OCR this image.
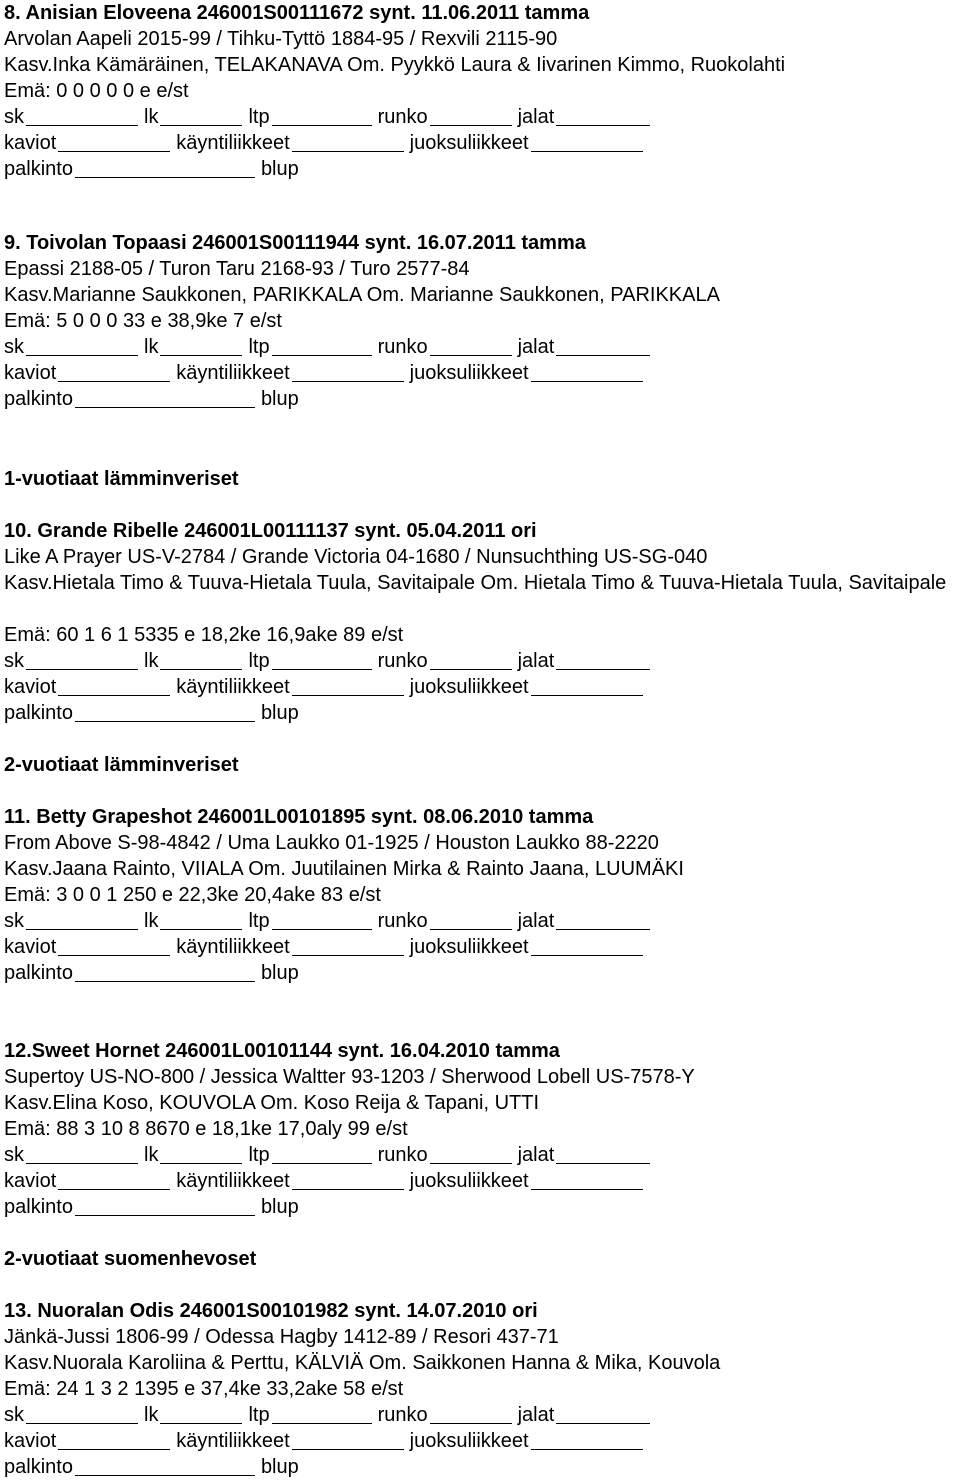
8. Anisian Eloveena 246001S00111672 synt. 11.06.2011 tamma
Arvolan Aapeli 2015-99 / Tihku-Tyttö 1884-95 / Rexvili 2115-90
Kasv.Inka Kämäräinen, TELAKANAVA Om. Pyykkö Laura & Iivarinen Kimmo, Ruokolahti
Emä: 0 0 0 0 0 e e/st
sk	lk	ltp	runko	jalat
kaviot	käyntiliikkeet	juoksuliikkeet
palkinto	blup
9. Toivolan Topaasi 246001S00111944 synt. 16.07.2011 tamma
Epassi 2188-05 / Turon Taru 2168-93 / Turo 2577-84
Kasv.Marianne Saukkonen, PARIKKALA Om. Marianne Saukkonen, PARIKKALA
Emä: 5 0 0 0 33 e 38,9ke 7 e/st
sk	lk	ltp	runko	jalat
kaviot	käyntiliikkeet	juoksuliikkeet
palkinto	blup
1-vuotiaat lämminveriset
10. Grande Ribelle 246001L00111137 synt. 05.04.2011 ori
Like A Prayer US-V-2784 / Grande Victoria 04-1680 / Nunsuchthing US-SG-040
Kasv.Hietala Timo & Tuuva-Hietala Tuula, Savitaipale Om. Hietala Timo & Tuuva-Hietala Tuula, Savitaipale
Emä: 60 1 6 1 5335 e 18,2ke 16,9ake 89 e/st
sk	lk	ltp	runko	jalat
kaviot	käyntiliikkeet	juoksuliikkeet
palkinto	blup
2-vuotiaat lämminveriset
11. Betty Grapeshot 246001L00101895 synt. 08.06.2010 tamma
From Above S-98-4842 / Uma Laukko 01-1925 / Houston Laukko 88-2220
Kasv.Jaana Rainto, VIIALA Om. Juutilainen Mirka & Rainto Jaana, LUUMÄKI
Emä: 3 0 0 1 250 e 22,3ke 20,4ake 83 e/st
sk	lk	ltp	runko	jalat
kaviot	käyntiliikkeet	juoksuliikkeet
palkinto	blup
12.Sweet Hornet 246001L00101144 synt. 16.04.2010 tamma
Supertoy US-NO-800 / Jessica Waltter 93-1203 / Sherwood Lobell US-7578-Y
Kasv.Elina Koso, KOUVOLA Om. Koso Reija & Tapani, UTTI
Emä: 88 3 10 8 8670 e 18,1ke 17,0aly 99 e/st
sk	lk	ltp	runko	jalat
kaviot	käyntiliikkeet	juoksuliikkeet
palkinto	blup
2-vuotiaat suomenhevoset
13. Nuoralan Odis 246001S00101982 synt. 14.07.2010 ori
Jänkä-Jussi 1806-99 / Odessa Hagby 1412-89 / Resori 437-71
Kasv.Nuorala Karoliina & Perttu, KÄLVIÄ Om. Saikkonen Hanna & Mika, Kouvola
Emä: 24 1 3 2 1395 e 37,4ke 33,2ake 58 e/st
sk	lk	ltp	runko	jalat
kaviot	käyntiliikkeet	juoksuliikkeet
palkinto	blup
